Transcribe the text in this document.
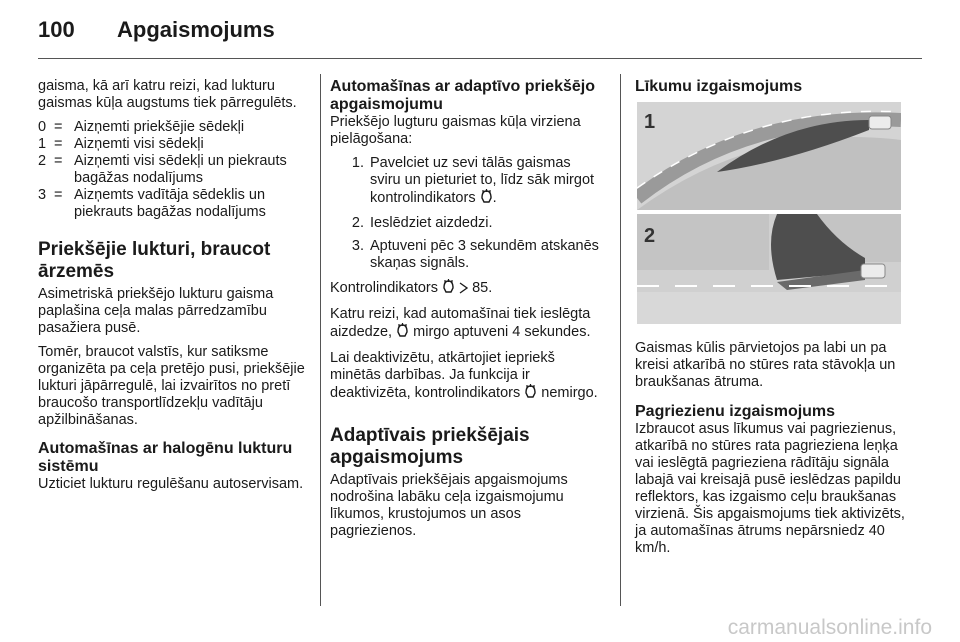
100 Apgaismojums

gaisma, kā arī katru reizi, kad lukturu gaismas kūļa augstums tiek pārregulēts.

0 = Aizņemti priekšējie sēdekļi
1 = Aizņemti visi sēdekļi
2 = Aizņemti visi sēdekļi un piekrauts bagāžas nodalījums
3 = Aizņemts vadītāja sēdeklis un piekrauts bagāžas nodalījums
Priekšējie lukturi, braucot ārzemēs

Asimetriskā priekšējo lukturu gaisma paplašina ceļa malas pārredzamību pasažiera pusē.

Tomēr, braucot valstīs, kur satiksme organizēta pa ceļa pretējo pusi, priekšējie lukturi jāpārregulē, lai izvairītos no pretī braucošo transportlīdzekļu vadītāju apžilbināšanas.

Automašīnas ar halogēnu lukturu sistēmu

Uzticiet lukturu regulēšanu autoservisam.

Automašīnas ar adaptīvo priekšējo apgaismojumu

Priekšējo lugturu gaismas kūļa virziena pielāgošana:

1. Pavelciet uz sevi tālās gaismas sviru un pieturiet to, līdz sāk mirgot kontrolindikators .
2. Ieslēdziet aizdedzi.
3. Aptuveni pēc 3 sekundēm atskanēs skaņas signāls.

Kontrolindikators 85.

Katru reizi, kad automašīnai tiek ieslēgta aizdedze, mirgo aptuveni 4 sekundes.

Lai deaktivizētu, atkārtojiet iepriekš minētās darbības. Ja funkcija ir deaktivizēta, kontrolindikators nemirgo.

Adaptīvais priekšējais apgaismojums

Adaptīvais priekšējais apgaismojums nodrošina labāku ceļa izgaismojumu līkumos, krustojumos un asos pagriezienos.

Līkumu izgaismojums
1
2

Gaismas kūlis pārvietojos pa labi un pa kreisi atkarībā no stūres rata stāvokļa un braukšanas ātruma.

Pagriezienu izgaismojums

Izbraucot asus līkumus vai pagriezienus, atkarībā no stūres rata pagrieziena leņķa vai ieslēgtā pagrieziena rādītāju signāla labajā vai kreisajā pusē ieslēdzas papildu reflektors, kas izgaismo ceļu braukšanas virzienā. Šis apgaismojums tiek aktivizēts, ja automašīnas ātrums nepārsniedz 40 km/h.

carmanualsonline.info
